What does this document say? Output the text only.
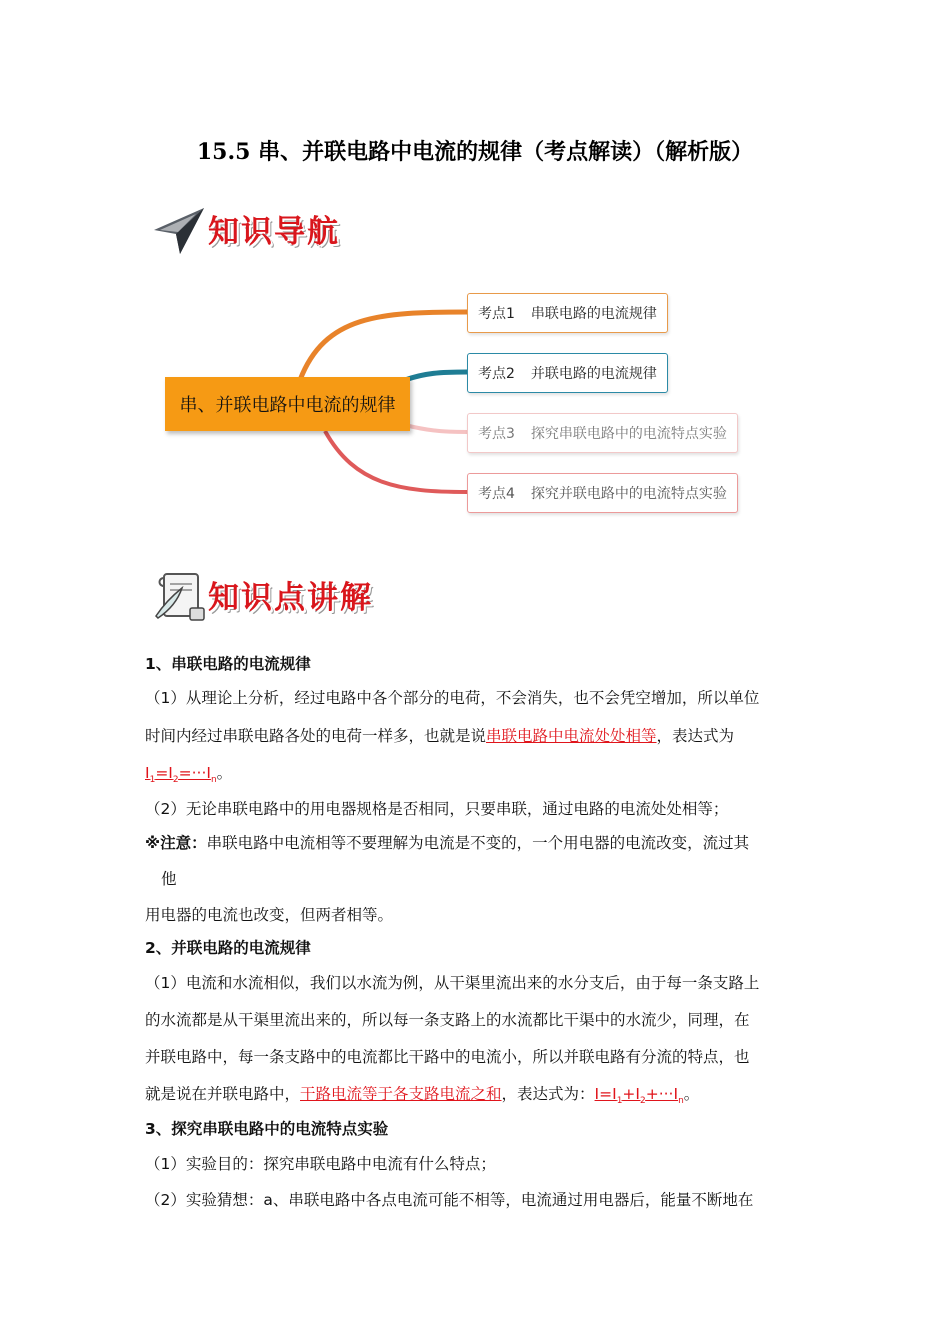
15.5 串、并联电路中电流的规律（考点解读）（解析版）
知识导航
串、并联电路中电流的规律
考点1 串联电路的电流规律
考点2 并联电路的电流规律
考点3 探究串联电路中的电流特点实验
考点4 探究并联电路中的电流特点实验
知识点讲解
1、串联电路的电流规律
（1）从理论上分析，经过电路中各个部分的电荷，不会消失，也不会凭空增加，所以单位
时间内经过串联电路各处的电荷一样多，也就是说串联电路中电流处处相等，表达式为
$I_1=I_2=\cdot\cdot\cdot I_n$。
（2）无论串联电路中的用电器规格是否相同，只要串联，通过电路的电流处处相等；
※注意：串联电路中电流相等不要理解为电流是不变的，一个用电器的电流改变，流过其
他
用电器的电流也改变，但两者相等。
2、并联电路的电流规律
（1）电流和水流相似，我们以水流为例，从干渠里流出来的水分支后，由于每一条支路上
的水流都是从干渠里流出来的，所以每一条支路上的水流都比干渠中的水流少，同理，在
并联电路中，每一条支路中的电流都比干路中的电流小，所以并联电路有分流的特点，也
就是说在并联电路中，干路电流等于各支路电流之和，表达式为：$I=I_1+I_2+\cdot\cdot\cdot I_n$。
3、探究串联电路中的电流特点实验
（1）实验目的：探究串联电路中电流有什么特点；
（2）实验猜想：a、串联电路中各点电流可能不相等，电流通过用电器后，能量不断地在
